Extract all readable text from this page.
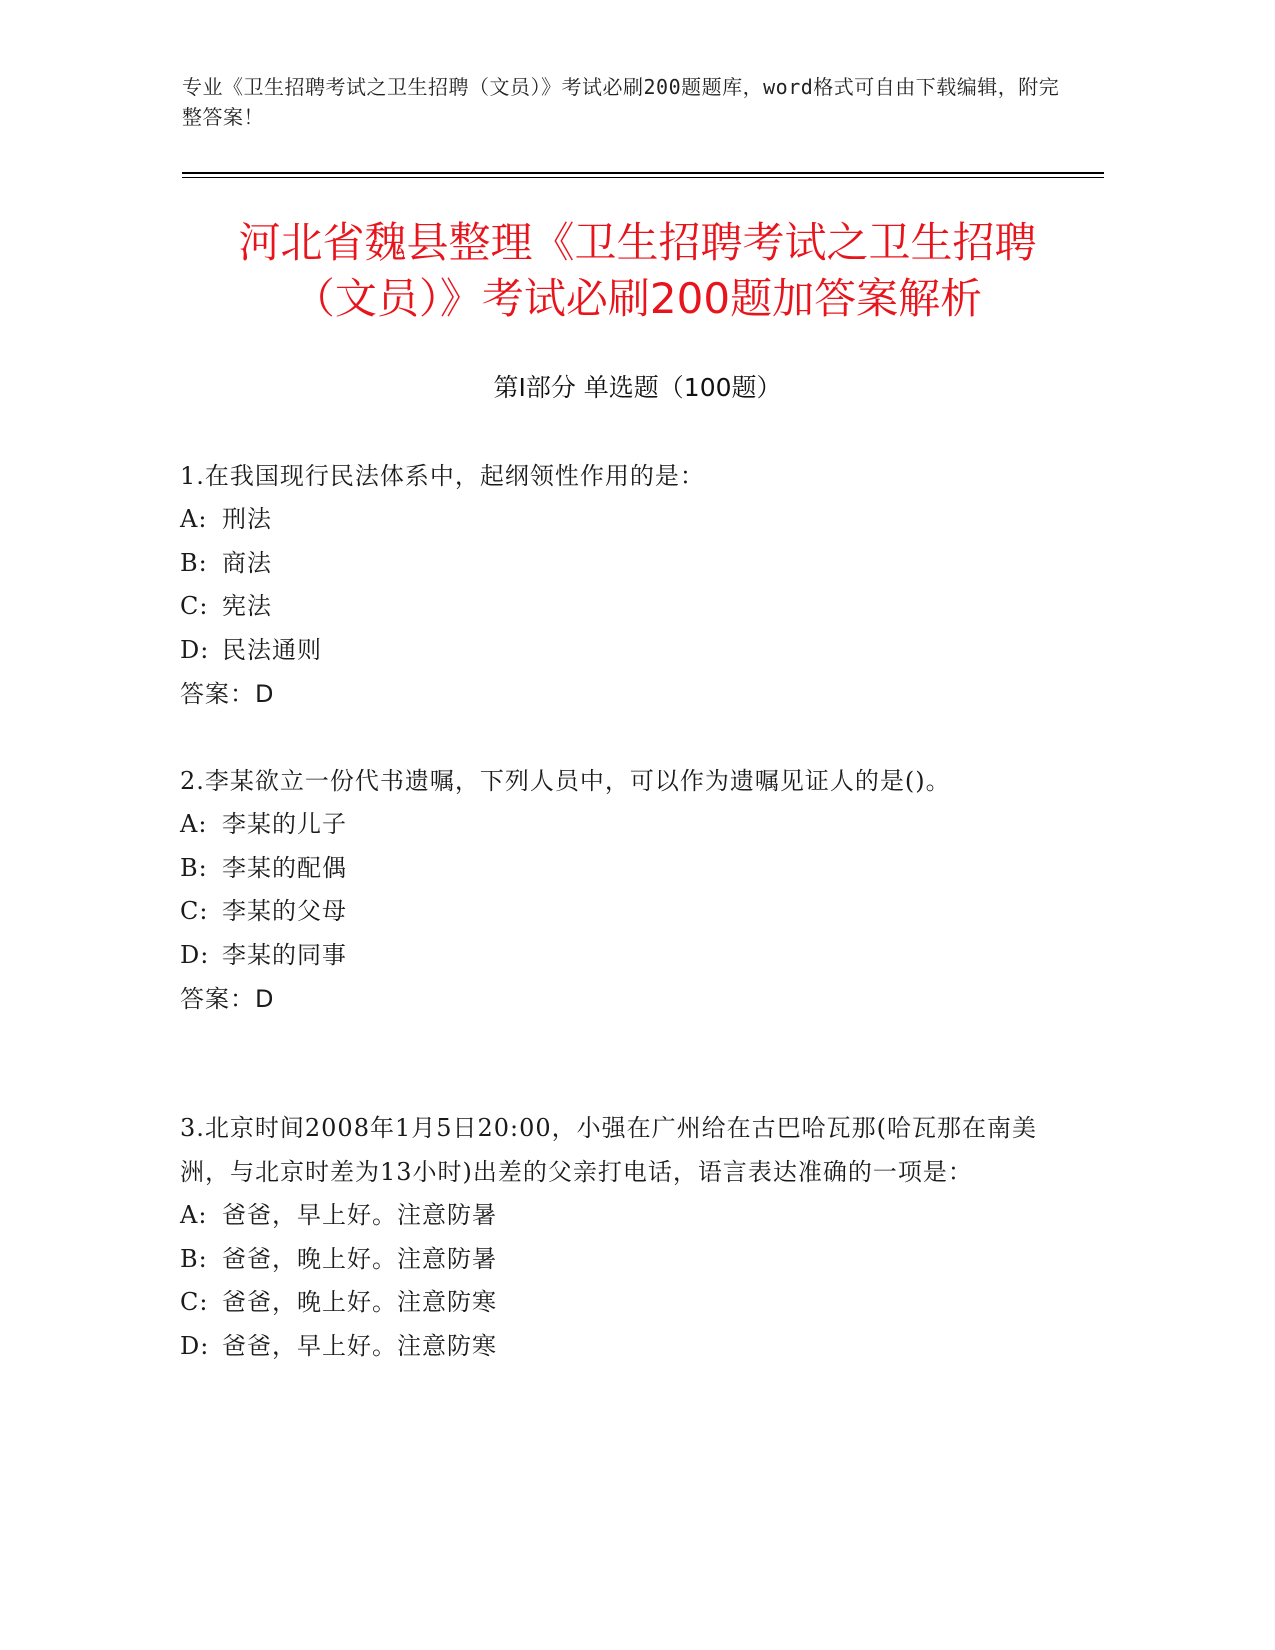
专业《卫生招聘考试之卫生招聘（文员）》考试必刷200题题库，word格式可自由下载编辑，附完整答案！
河北省魏县整理《卫生招聘考试之卫生招聘
（文员）》考试必刷200题加答案解析
第Ⅰ部分 单选题（100题）
1.在我国现行民法体系中，起纲领性作用的是：
A: 刑法
B: 商法
C: 宪法
D: 民法通则
答案：D
2.李某欲立一份代书遗嘱，下列人员中，可以作为遗嘱见证人的是()。
A: 李某的儿子
B: 李某的配偶
C: 李某的父母
D: 李某的同事
答案：D
3.北京时间2008年1月5日20:00，小强在广州给在古巴哈瓦那(哈瓦那在南美洲，与北京时差为13小时)出差的父亲打电话，语言表达准确的一项是：
A: 爸爸，早上好。注意防暑
B: 爸爸，晚上好。注意防暑
C: 爸爸，晚上好。注意防寒
D: 爸爸，早上好。注意防寒
